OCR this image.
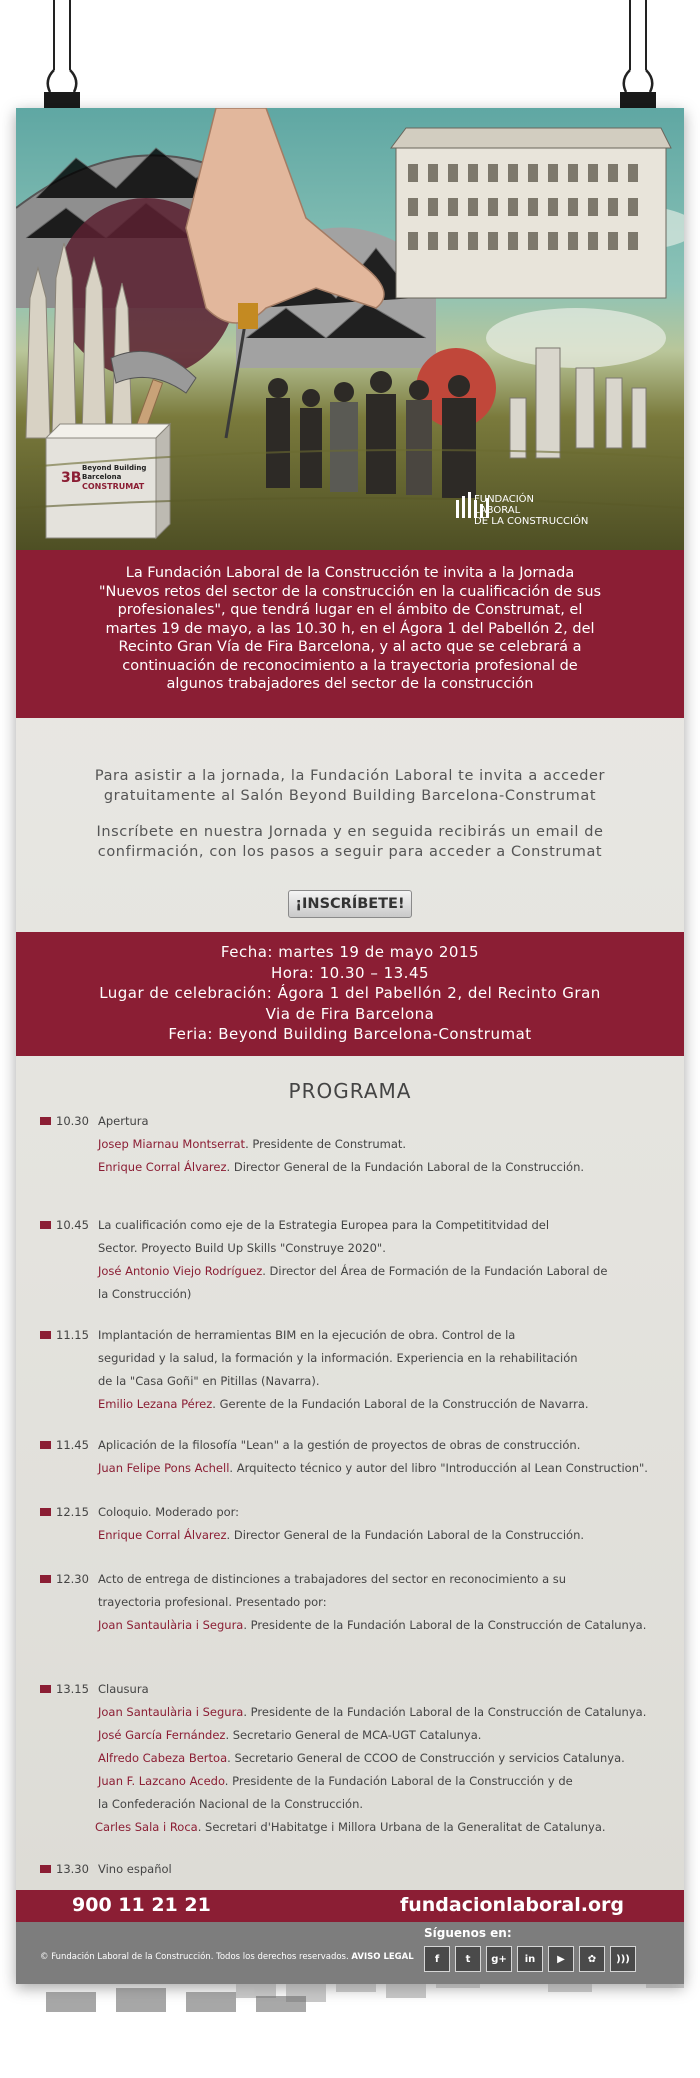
3B
Beyond Building
Barcelona
CONSTRUMAT
FUNDACIÓN
LABORAL
DE LA CONSTRUCCIÓN
La Fundación Laboral de la Construcción te invita a la Jornada
"Nuevos retos del sector de la construcción en la cualificación de sus
profesionales", que tendrá lugar en el ámbito de Construmat, el
martes 19 de mayo, a las 10.30 h, en el Ágora 1 del Pabellón 2, del
Recinto Gran Vía de Fira Barcelona, y al acto que se celebrará a
continuación de reconocimiento a la trayectoria profesional de
algunos trabajadores del sector de la construcción

Para asistir a la jornada, la Fundación Laboral te invita a acceder
gratuitamente al Salón Beyond Building Barcelona-Construmat

Inscríbete en nuestra Jornada y en seguida recibirás un email de
confirmación, con los pasos a seguir para acceder a Construmat

¡INSCRÍBETE!
Fecha: martes 19 de mayo 2015
Hora: 10.30 – 13.45
Lugar de celebración: Ágora 1 del Pabellón 2, del Recinto Gran
Via de Fira Barcelona
Feria: Beyond Building Barcelona-Construmat
PROGRAMA
10.30 Apertura
Josep Miarnau Montserrat. Presidente de Construmat.
Enrique Corral Álvarez. Director General de la Fundación Laboral de la Construcción.
10.45 La cualificación como eje de la Estrategia Europea para la Competititvidad del
Sector. Proyecto Build Up Skills "Construye 2020".
José Antonio Viejo Rodríguez. Director del Área de Formación de la Fundación Laboral de
la Construcción)
11.15 Implantación de herramientas BIM en la ejecución de obra. Control de la
seguridad y la salud, la formación y la información. Experiencia en la rehabilitación
de la "Casa Goñi" en Pitillas (Navarra).
Emilio Lezana Pérez. Gerente de la Fundación Laboral de la Construcción de Navarra.
11.45 Aplicación de la filosofía "Lean" a la gestión de proyectos de obras de construcción.
Juan Felipe Pons Achell. Arquitecto técnico y autor del libro "Introducción al Lean Construction".
12.15 Coloquio. Moderado por:
Enrique Corral Álvarez. Director General de la Fundación Laboral de la Construcción.
12.30 Acto de entrega de distinciones a trabajadores del sector en reconocimiento a su
trayectoria profesional. Presentado por:
Joan Santaulària i Segura. Presidente de la Fundación Laboral de la Construcción de Catalunya.
13.15 Clausura
Joan Santaulària i Segura. Presidente de la Fundación Laboral de la Construcción de Catalunya.
José García Fernández. Secretario General de MCA-UGT Catalunya.
Alfredo Cabeza Bertoa. Secretario General de CCOO de Construcción y servicios Catalunya.
Juan F. Lazcano Acedo. Presidente de la Fundación Laboral de la Construcción y de
la Confederación Nacional de la Construcción.
Carles Sala i Roca. Secretari d'Habitatge i Millora Urbana de la Generalitat de Catalunya.
13.30 Vino español
900 11 21 21	fundacionlaboral.org
Síguenos en:
f	t	g+	in	▶	✿	)))
© Fundación Laboral de la Construcción. Todos los derechos reservados. AVISO LEGAL
